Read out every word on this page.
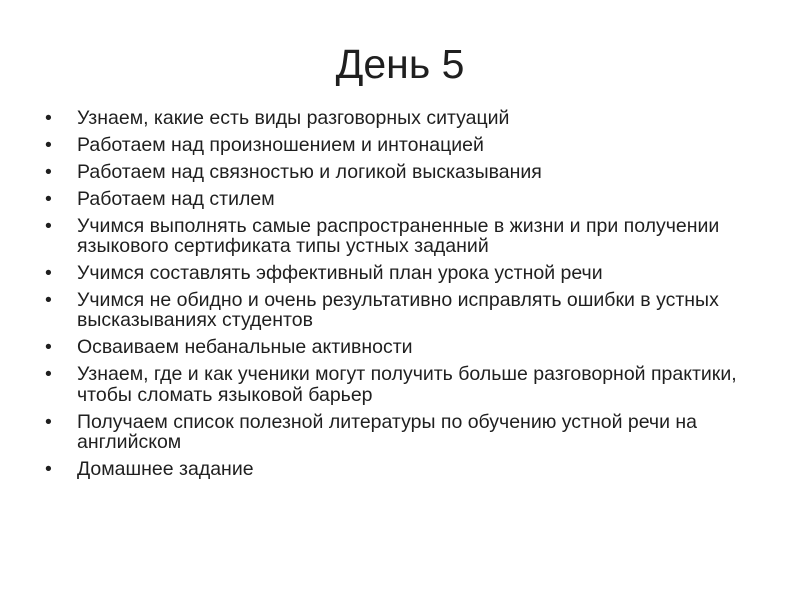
День 5
• Узнаем, какие есть виды разговорных ситуаций
• Работаем над произношением и интонацией
• Работаем над связностью и логикой высказывания
• Работаем над стилем
• Учимся выполнять самые распространенные в жизни и при получении языкового сертификата типы устных заданий
• Учимся составлять эффективный план урока устной речи
• Учимся не обидно и очень результативно исправлять ошибки в устных высказываниях студентов
• Осваиваем небанальные активности
• Узнаем, где и как ученики могут получить больше разговорной практики, чтобы сломать языковой барьер
• Получаем список полезной литературы по обучению устной речи на английском
• Домашнее задание
